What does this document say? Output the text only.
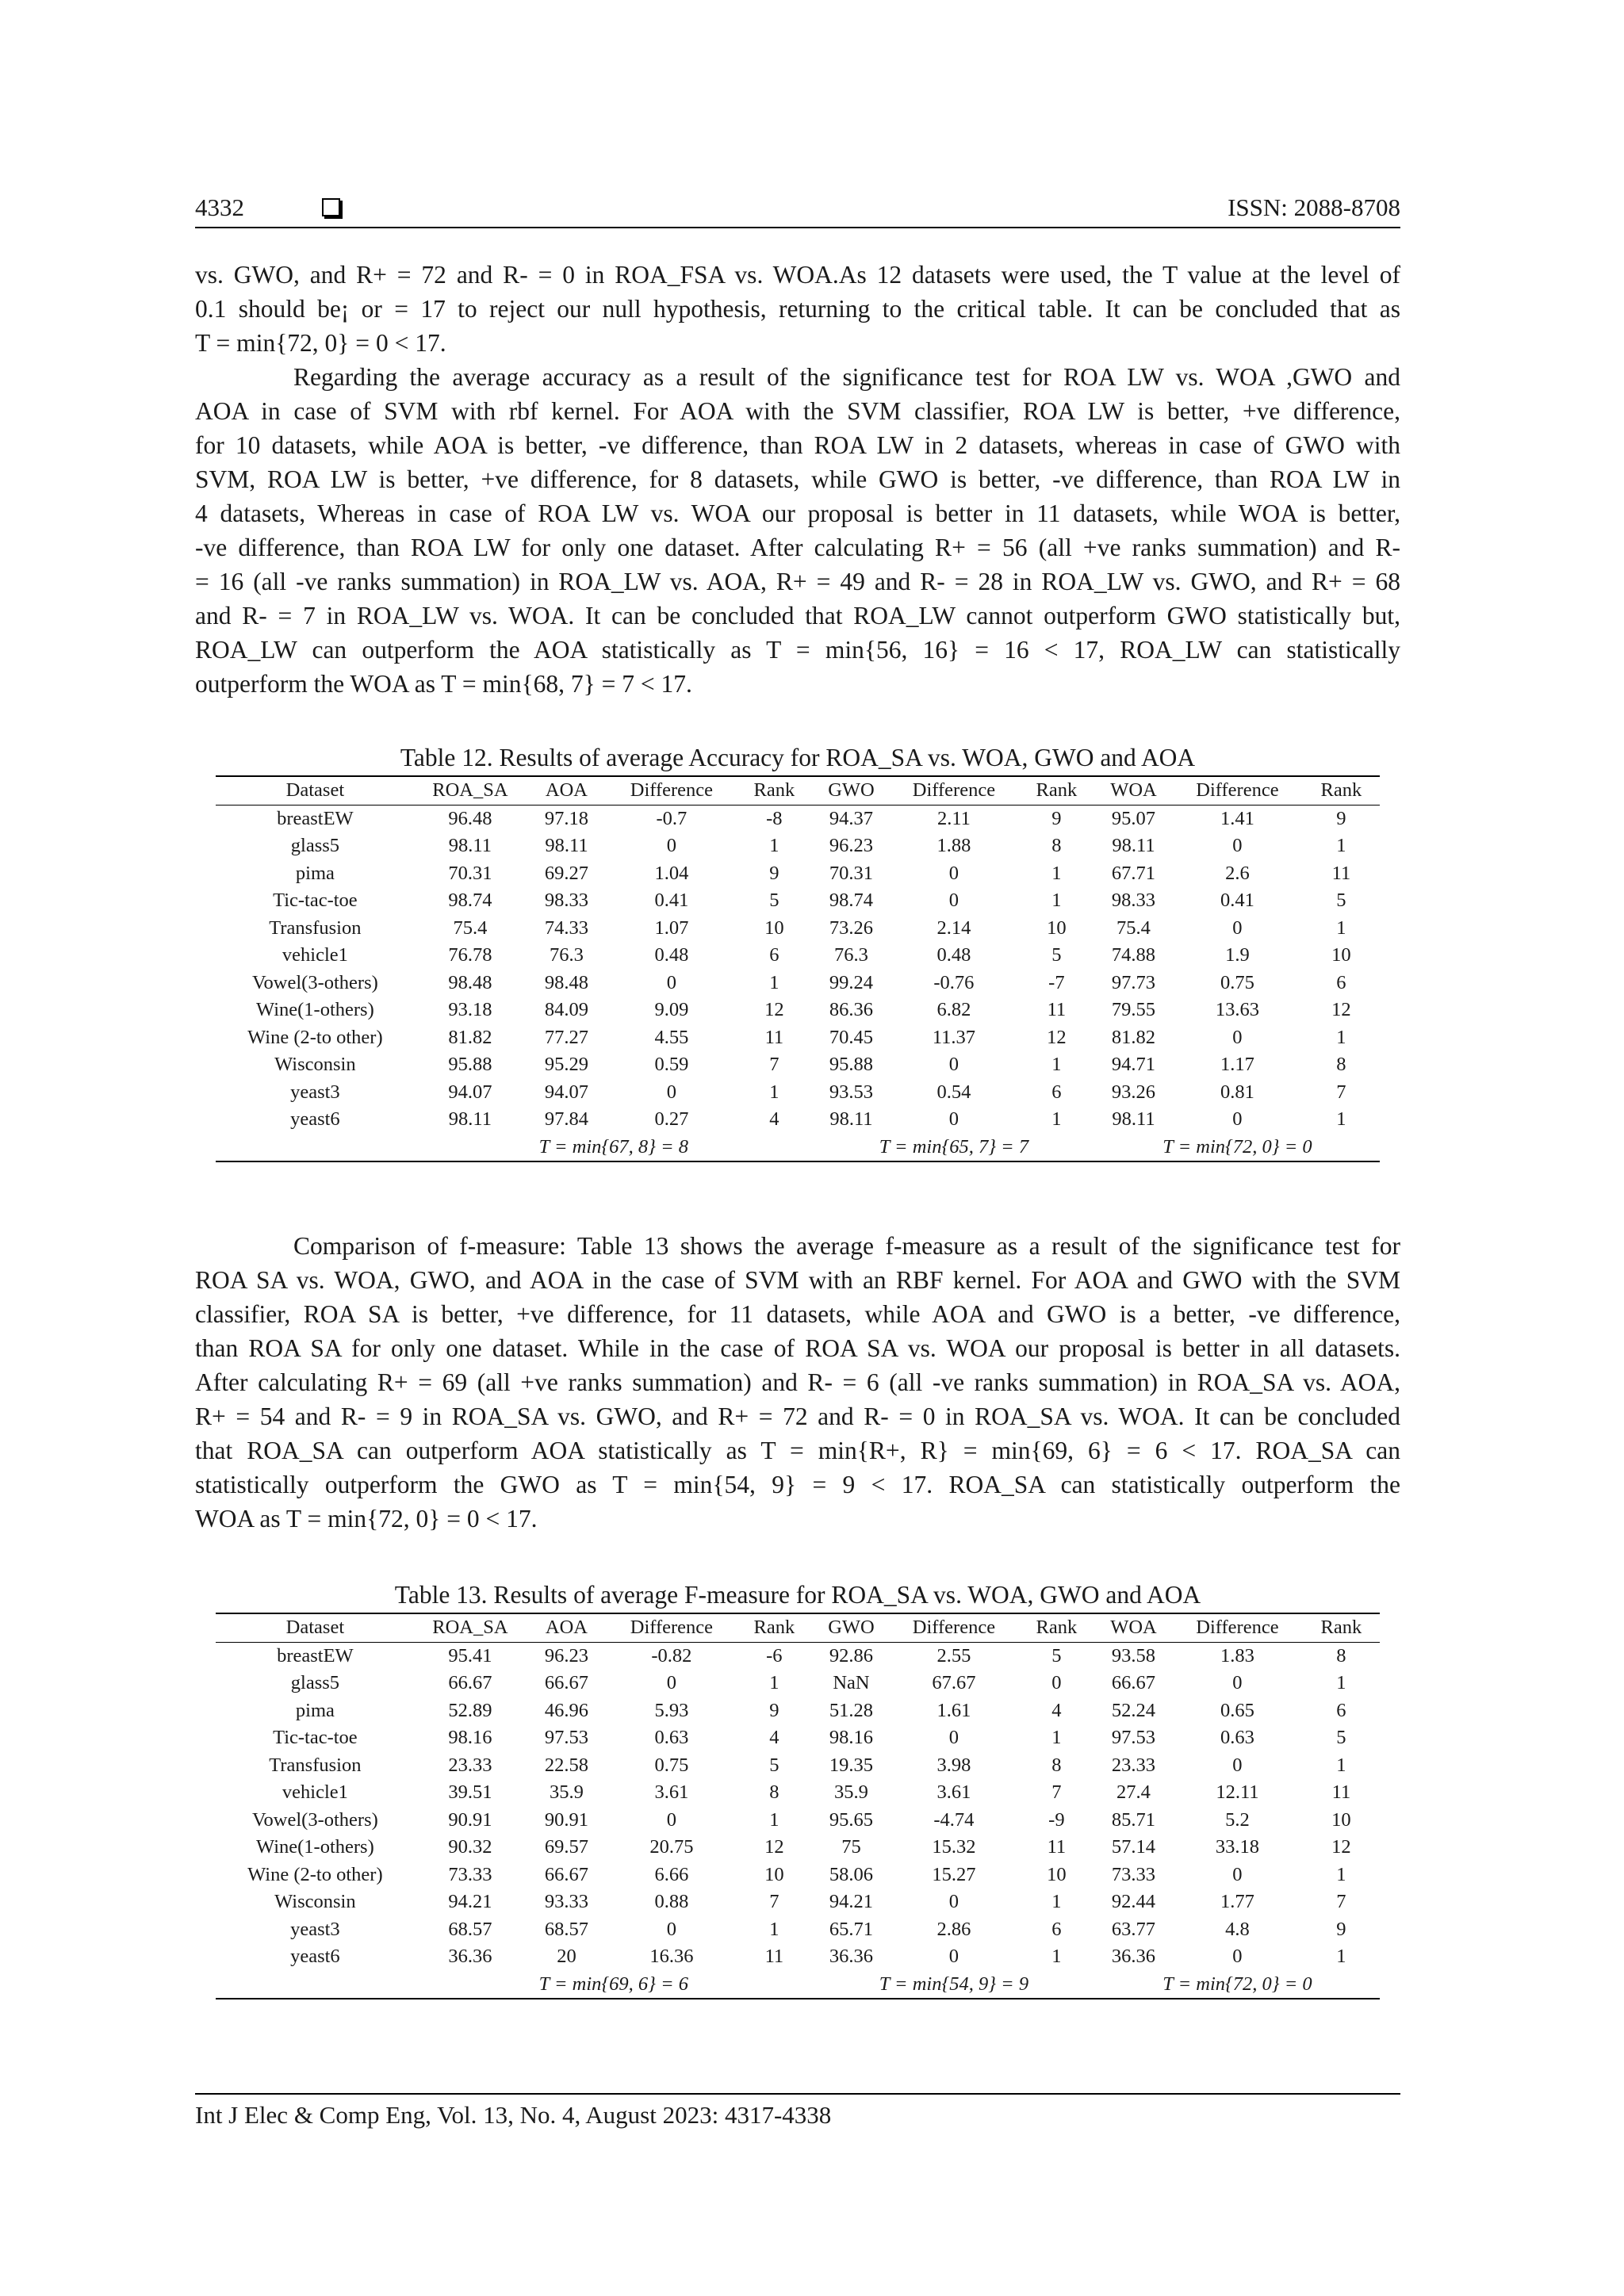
4332	ISSN: 2088-8708
vs. GWO, and R+ = 72 and R- = 0 in ROA_FSA vs. WOA.As 12 datasets were used, the T value at the level of
0.1 should be¡ or = 17 to reject our null hypothesis, returning to the critical table. It can be concluded that as
T = min{72, 0} = 0 < 17.
Regarding the average accuracy as a result of the significance test for ROA LW vs. WOA ,GWO and
AOA in case of SVM with rbf kernel. For AOA with the SVM classifier, ROA LW is better, +ve difference,
for 10 datasets, while AOA is better, -ve difference, than ROA LW in 2 datasets, whereas in case of GWO with
SVM, ROA LW is better, +ve difference, for 8 datasets, while GWO is better, -ve difference, than ROA LW in
4 datasets, Whereas in case of ROA LW vs. WOA our proposal is better in 11 datasets, while WOA is better,
-ve difference, than ROA LW for only one dataset. After calculating R+ = 56 (all +ve ranks summation) and R-
= 16 (all -ve ranks summation) in ROA_LW vs. AOA, R+ = 49 and R- = 28 in ROA_LW vs. GWO, and R+ = 68
and R- = 7 in ROA_LW vs. WOA. It can be concluded that ROA_LW cannot outperform GWO statistically but,
ROA_LW can outperform the AOA statistically as T = min{56, 16} = 16 < 17, ROA_LW can statistically
outperform the WOA as T = min{68, 7} = 7 < 17.
Table 12. Results of average Accuracy for ROA_SA vs. WOA, GWO and AOA
Dataset	ROA_SA	AOA	Difference	Rank	GWO	Difference	Rank	WOA	Difference	Rank
breastEW	96.48	97.18	-0.7	-8	94.37	2.11	9	95.07	1.41	9
glass5	98.11	98.11	0	1	96.23	1.88	8	98.11	0	1
pima	70.31	69.27	1.04	9	70.31	0	1	67.71	2.6	11
Tic-tac-toe	98.74	98.33	0.41	5	98.74	0	1	98.33	0.41	5
Transfusion	75.4	74.33	1.07	10	73.26	2.14	10	75.4	0	1
vehicle1	76.78	76.3	0.48	6	76.3	0.48	5	74.88	1.9	10
Vowel(3-others)	98.48	98.48	0	1	99.24	-0.76	-7	97.73	0.75	6
Wine(1-others)	93.18	84.09	9.09	12	86.36	6.82	11	79.55	13.63	12
Wine (2-to other)	81.82	77.27	4.55	11	70.45	11.37	12	81.82	0	1
Wisconsin	95.88	95.29	0.59	7	95.88	0	1	94.71	1.17	8
yeast3	94.07	94.07	0	1	93.53	0.54	6	93.26	0.81	7
yeast6	98.11	97.84	0.27	4	98.11	0	1	98.11	0	1
	T = min{67, 8} = 8				T = min{65, 7} = 7			T = min{72, 0} = 0		
Comparison of f-measure: Table 13 shows the average f-measure as a result of the significance test for
ROA SA vs. WOA, GWO, and AOA in the case of SVM with an RBF kernel. For AOA and GWO with the SVM
classifier, ROA SA is better, +ve difference, for 11 datasets, while AOA and GWO is a better, -ve difference,
than ROA SA for only one dataset. While in the case of ROA SA vs. WOA our proposal is better in all datasets.
After calculating R+ = 69 (all +ve ranks summation) and R- = 6 (all -ve ranks summation) in ROA_SA vs. AOA,
R+ = 54 and R- = 9 in ROA_SA vs. GWO, and R+ = 72 and R- = 0 in ROA_SA vs. WOA. It can be concluded
that ROA_SA can outperform AOA statistically as T = min{R+, R} = min{69, 6} = 6 < 17. ROA_SA can
statistically outperform the GWO as T = min{54, 9} = 9 < 17. ROA_SA can statistically outperform the
WOA as T = min{72, 0} = 0 < 17.
Table 13. Results of average F-measure for ROA_SA vs. WOA, GWO and AOA
Dataset	ROA_SA	AOA	Difference	Rank	GWO	Difference	Rank	WOA	Difference	Rank
breastEW	95.41	96.23	-0.82	-6	92.86	2.55	5	93.58	1.83	8
glass5	66.67	66.67	0	1	NaN	67.67	0	66.67	0	1
pima	52.89	46.96	5.93	9	51.28	1.61	4	52.24	0.65	6
Tic-tac-toe	98.16	97.53	0.63	4	98.16	0	1	97.53	0.63	5
Transfusion	23.33	22.58	0.75	5	19.35	3.98	8	23.33	0	1
vehicle1	39.51	35.9	3.61	8	35.9	3.61	7	27.4	12.11	11
Vowel(3-others)	90.91	90.91	0	1	95.65	-4.74	-9	85.71	5.2	10
Wine(1-others)	90.32	69.57	20.75	12	75	15.32	11	57.14	33.18	12
Wine (2-to other)	73.33	66.67	6.66	10	58.06	15.27	10	73.33	0	1
Wisconsin	94.21	93.33	0.88	7	94.21	0	1	92.44	1.77	7
yeast3	68.57	68.57	0	1	65.71	2.86	6	63.77	4.8	9
yeast6	36.36	20	16.36	11	36.36	0	1	36.36	0	1
	T = min{69, 6} = 6				T = min{54, 9} = 9			T = min{72, 0} = 0		
Int J Elec & Comp Eng, Vol. 13, No. 4, August 2023: 4317-4338
